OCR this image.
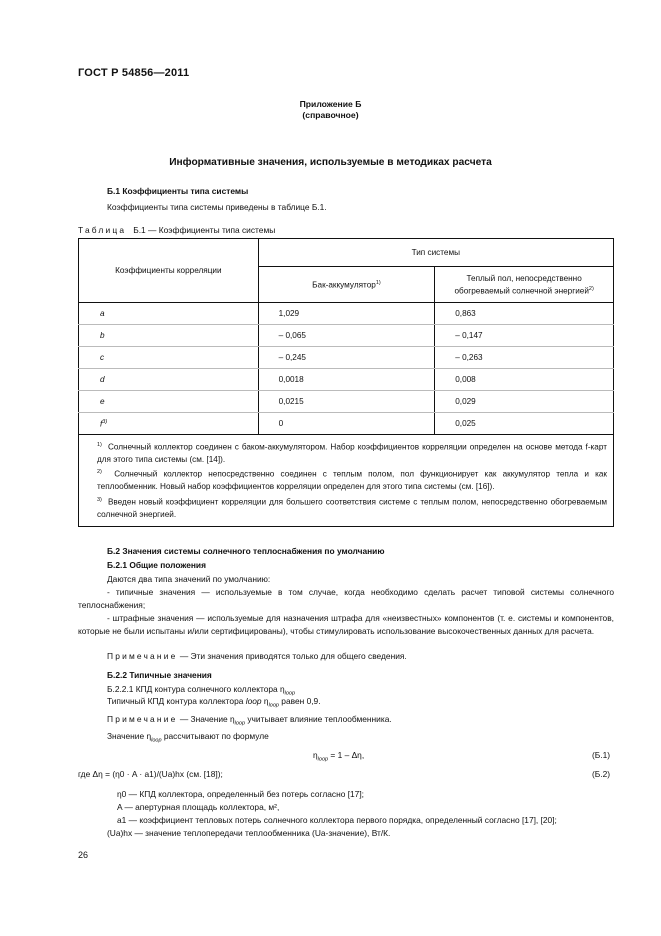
ГОСТ Р 54856—2011
Приложение Б
(справочное)
Информативные значения, используемые в методиках расчета
Б.1 Коэффициенты типа системы
Коэффициенты типа системы приведены в таблице Б.1.
Таблица Б.1 — Коэффициенты типа системы
Коэффициенты корреляции	Тип системы	
	Бак-аккумулятор$^{1)}$	Теплый пол, непосредственно обогреваемый солнечной энергией$^{2)}$
a	1,029	0,863
b	– 0,065	– 0,147
c	– 0,245	– 0,263
d	0,0018	0,008
e	0,0215	0,029
$f^{3)}$	0	0,025

$^{1)}$ Солнечный коллектор соединен с баком-аккумулятором. Набор коэффициентов корреляции определен на основе метода f-карт для этого типа системы (см. [14]).
$^{2)}$ Солнечный коллектор непосредственно соединен с теплым полом, пол функционирует как аккумулятор тепла и как теплообменник. Новый набор коэффициентов корреляции определен для этого типа системы (см. [16]).
$^{3)}$ Введен новый коэффициент корреляции для большего соответствия системе с теплым полом, непосредственно обогреваемым солнечной энергией.		
Б.2 Значения системы солнечного теплоснабжения по умолчанию
Б.2.1 Общие положения
Даются два типа значений по умолчанию:
- типичные значения — используемые в том случае, когда необходимо сделать расчет типовой системы солнечного теплоснабжения;
- штрафные значения — используемые для назначения штрафа для «неизвестных» компонентов (т. е. системы и компонентов, которые не были испытаны и/или сертифицированы), чтобы стимулировать использование высокочественных данных для расчета.
Примечание — Эти значения приводятся только для общего сведения.
Б.2.2 Типичные значения
Б.2.2.1 КПД контура солнечного коллектора $\eta_{loop}$
Типичный КПД контура коллектора loop $\eta_{loop}$ равен 0,9.
Примечание — Значение $\eta_{loop}$ учитывает влияние теплообменника.
Значение $\eta_{loop}$ рассчитывают по формуле
$\eta_{loop} = 1 - \Delta\eta$,	(Б.1)
где Δη = (η0 · A · a1)/(Ua)hx (см. [18]);	(Б.2)
η0 — КПД коллектора, определенный без потерь согласно [17];
A — апертурная площадь коллектора, м²,
a1 — коэффициент тепловых потерь солнечного коллектора первого порядка, определенный согласно [17], [20];
(Ua)hx — значение теплопередачи теплообменника (Ua-значение), Вт/К.
26
